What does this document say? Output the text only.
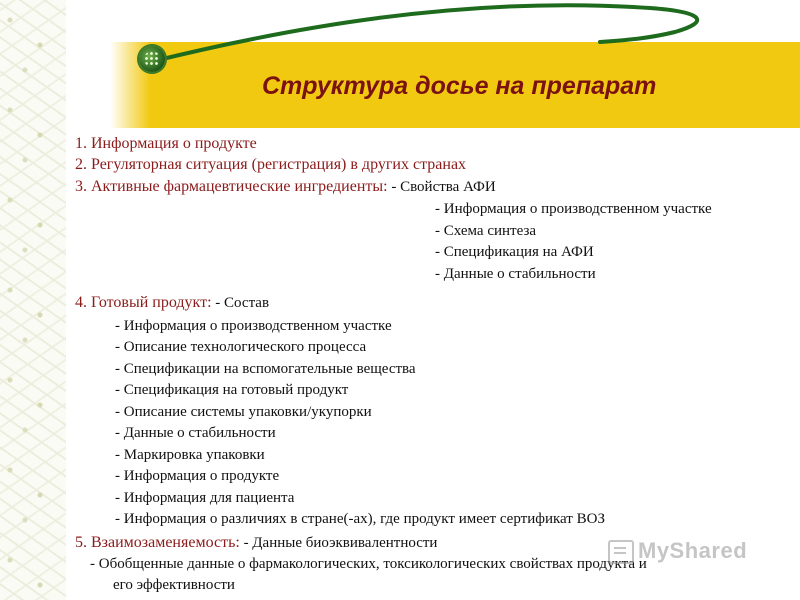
Структура досье на препарат
1. Информация о продукте
2. Регуляторная ситуация (регистрация) в других странах
3. Активные фармацевтические ингредиенты: - Свойства АФИ
- Информация о производственном участке
- Схема синтеза
- Спецификация на АФИ
- Данные о стабильности
4. Готовый продукт: - Состав
- Информация о производственном участке
- Описание технологического процесса
- Спецификации на вспомогательные вещества
- Спецификация на готовый продукт
- Описание системы упаковки/укупорки
- Данные о стабильности
- Маркировка упаковки
- Информация о продукте
- Информация для пациента
- Информация о различиях в стране(-ах), где продукт имеет сертификат ВОЗ
5. Взаимозаменяемость: - Данные биоэквивалентности
- Обобщенные данные о фармакологических, токсикологических свойствах продукта и
его эффективности
MyShared
